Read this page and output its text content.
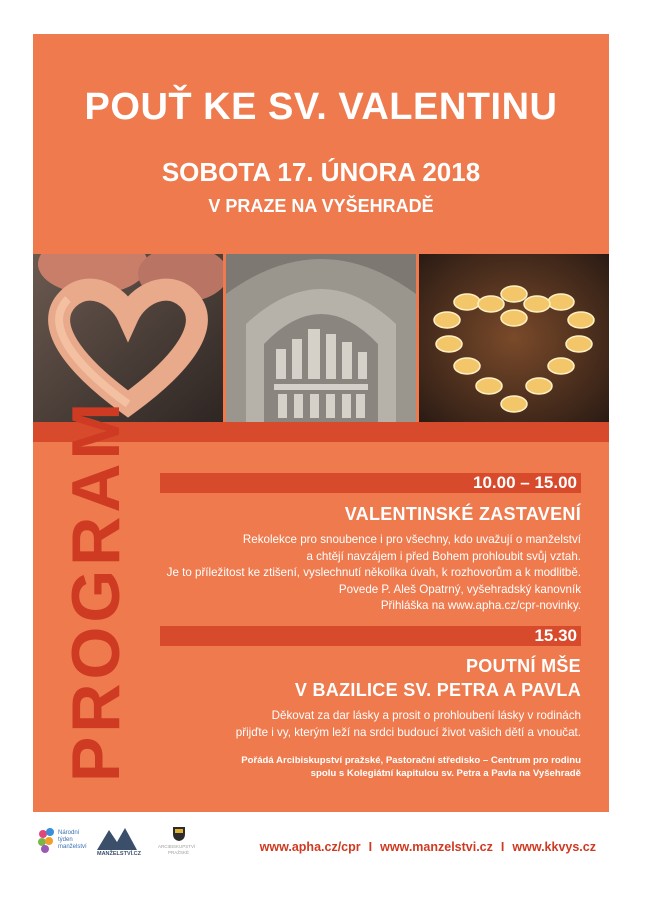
POUŤ KE SV. VALENTINU
SOBOTA 17. ÚNORA 2018
V PRAZE NA VYŠEHRADĚ
PROGRAM	10.00 – 15.00
VALENTINSKÉ ZASTAVENÍ
Rekolekce pro snoubence i pro všechny, kdo uvažují o manželství
a chtějí navzájem i před Bohem prohloubit svůj vztah.
Je to příležitost ke ztišení, vyslechnutí několika úvah, k rozhovorům a k modlitbě.
Povede P. Aleš Opatrný, vyšehradský kanovník
Přihláška na www.apha.cz/cpr-novinky.
15.30
POUTNÍ MŠE
V BAZILICE SV. PETRA A PAVLA
Děkovat za dar lásky a prosit o prohloubení lásky v rodinách
přijďte i vy, kterým leží na srdci budoucí život vašich dětí a vnoučat.
Pořádá Arcibiskupství pražské, Pastorační středisko – Centrum pro rodinu
spolu s Kolegiátní kapitulou sv. Petra a Pavla na Vyšehradě
Národní
týden
manželství
MANŽELSTVÍ.CZ
ARCIBISKUPSTVÍ
PRAŽSKÉ	www.apha.cz/cpr I www.manzelstvi.cz I www.kkvys.cz
